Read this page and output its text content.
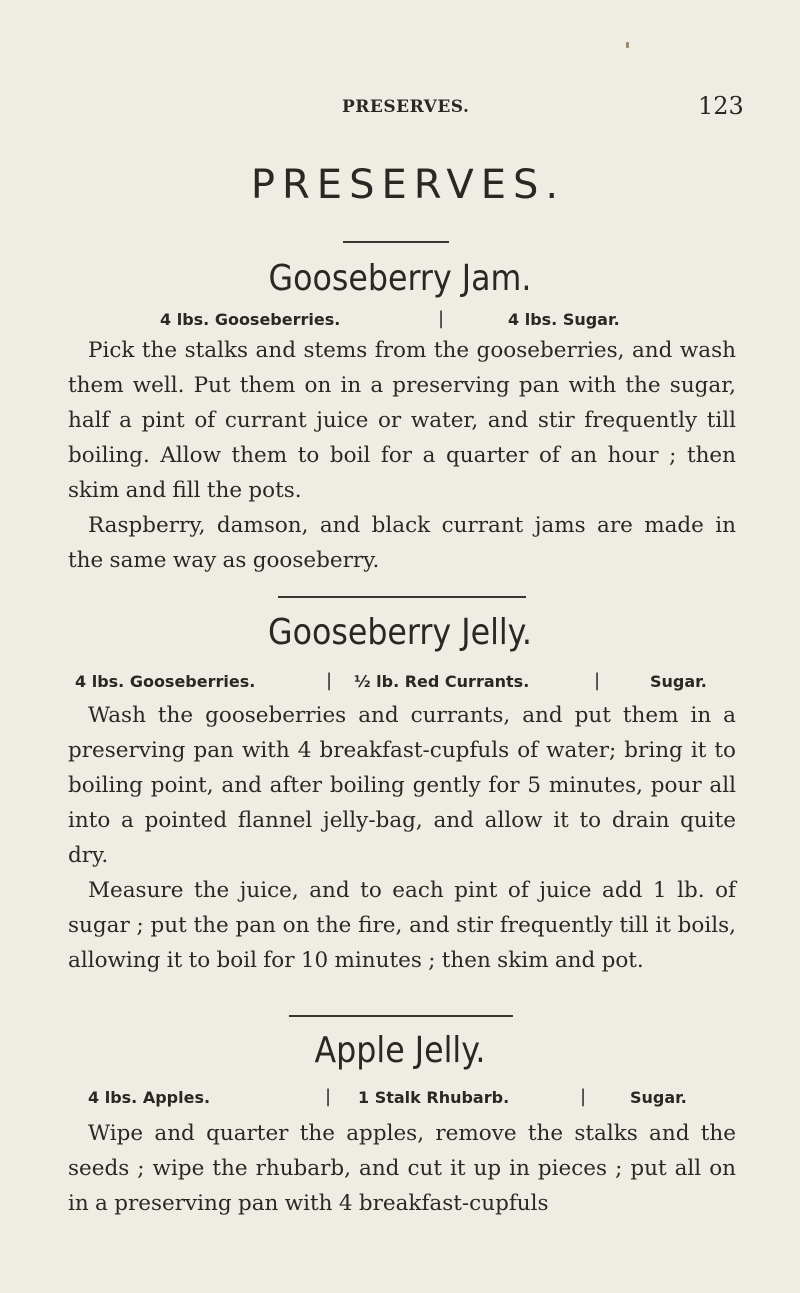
PRESERVES.	123
PRESERVES.
Gooseberry Jam.
4 lbs. Gooseberries.	|	4 lbs. Sugar.

Pick the stalks and stems from the gooseberries, and wash them well. Put them on in a preserving pan with the sugar, half a pint of currant juice or water, and stir frequently till boiling. Allow them to boil for a quarter of an hour ; then skim and fill the pots.

Raspberry, damson, and black currant jams are made in the same way as gooseberry.

Gooseberry Jelly.
4 lbs. Gooseberries.	| ½ lb. Red Currants.	|	Sugar.

Wash the gooseberries and currants, and put them in a preserving pan with 4 breakfast-cupfuls of water; bring it to boiling point, and after boiling gently for 5 minutes, pour all into a pointed flannel jelly-bag, and allow it to drain quite dry.

Measure the juice, and to each pint of juice add 1 lb. of sugar ; put the pan on the fire, and stir frequently till it boils, allowing it to boil for 10 minutes ; then skim and pot.

Apple Jelly.
4 lbs. Apples.	| 1 Stalk Rhubarb.	|	Sugar.

Wipe and quarter the apples, remove the stalks and the seeds ; wipe the rhubarb, and cut it up in pieces ; put all on in a preserving pan with 4 breakfast-cupfuls
